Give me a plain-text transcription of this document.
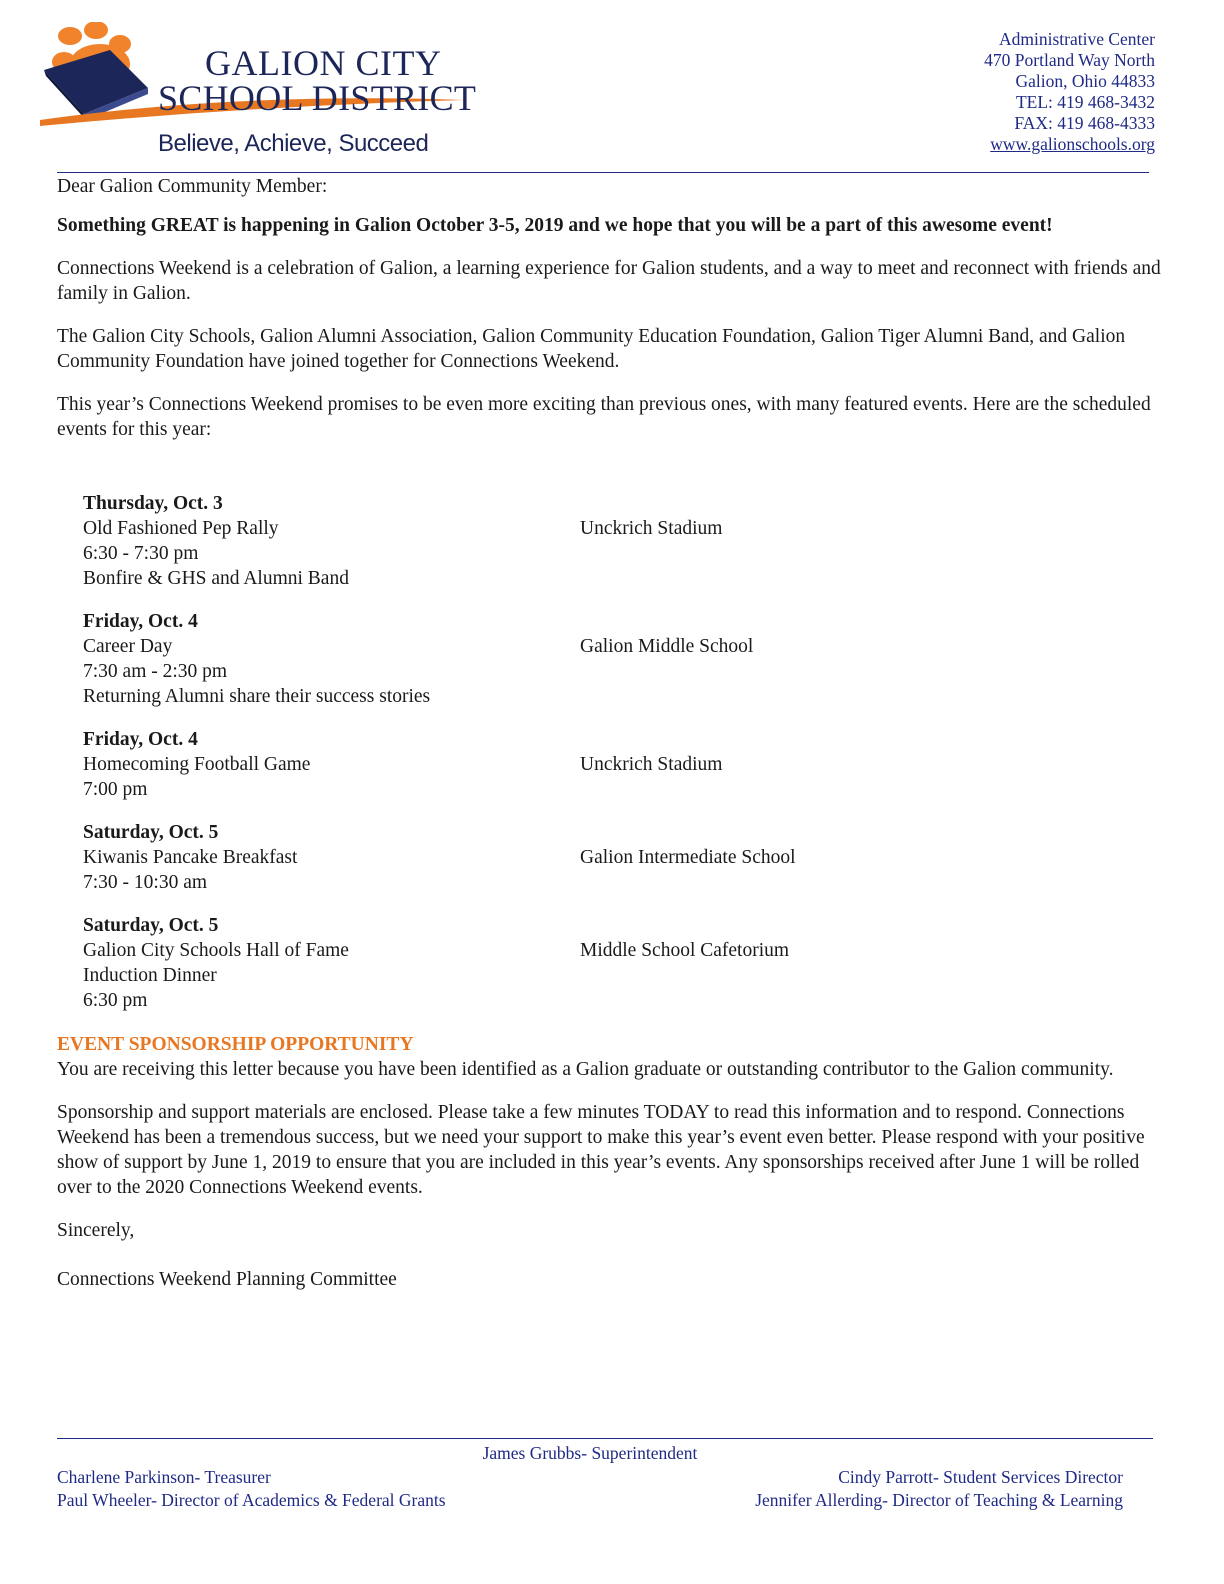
GALION CITY
SCHOOL DISTRICT
Believe, Achieve, Succeed
Administrative Center
470 Portland Way North
Galion, Ohio 44833
TEL: 419 468-3432
FAX: 419 468-4333
www.galionschools.org

Dear Galion Community Member:

Something GREAT is happening in Galion October 3-5, 2019 and we hope that you will be a part of this awesome event!

Connections Weekend is a celebration of Galion, a learning experience for Galion students, and a way to meet and reconnect with friends and family in Galion.

The Galion City Schools, Galion Alumni Association, Galion Community Education Foundation, Galion Tiger Alumni Band, and Galion Community Foundation have joined together for Connections Weekend.

This year’s Connections Weekend promises to be even more exciting than previous ones, with many featured events. Here are the scheduled events for this year:

Thursday, Oct. 3
Old Fashioned Pep Rally
6:30 - 7:30 pm
Bonfire & GHS and Alumni Band
Unckrich Stadium
Friday, Oct. 4
Career Day
7:30 am - 2:30 pm
Returning Alumni share their success stories
Galion Middle School
Friday, Oct. 4
Homecoming Football Game
7:00 pm
Unckrich Stadium
Saturday, Oct. 5
Kiwanis Pancake Breakfast
7:30 - 10:30 am
Galion Intermediate School
Saturday, Oct. 5
Galion City Schools Hall of Fame
Induction Dinner
6:30 pm
Middle School Cafetorium

EVENT SPONSORSHIP OPPORTUNITY

You are receiving this letter because you have been identified as a Galion graduate or outstanding contributor to the Galion community.

Sponsorship and support materials are enclosed. Please take a few minutes TODAY to read this information and to respond. Connections Weekend has been a tremendous success, but we need your support to make this year’s event even better. Please respond with your positive show of support by June 1, 2019 to ensure that you are included in this year’s events. Any sponsorships received after June 1 will be rolled over to the 2020 Connections Weekend events.

Sincerely,

Connections Weekend Planning Committee

James Grubbs- Superintendent
Charlene Parkinson- Treasurer
Paul Wheeler- Director of Academics & Federal Grants
Cindy Parrott- Student Services Director
Jennifer Allerding- Director of Teaching & Learning
